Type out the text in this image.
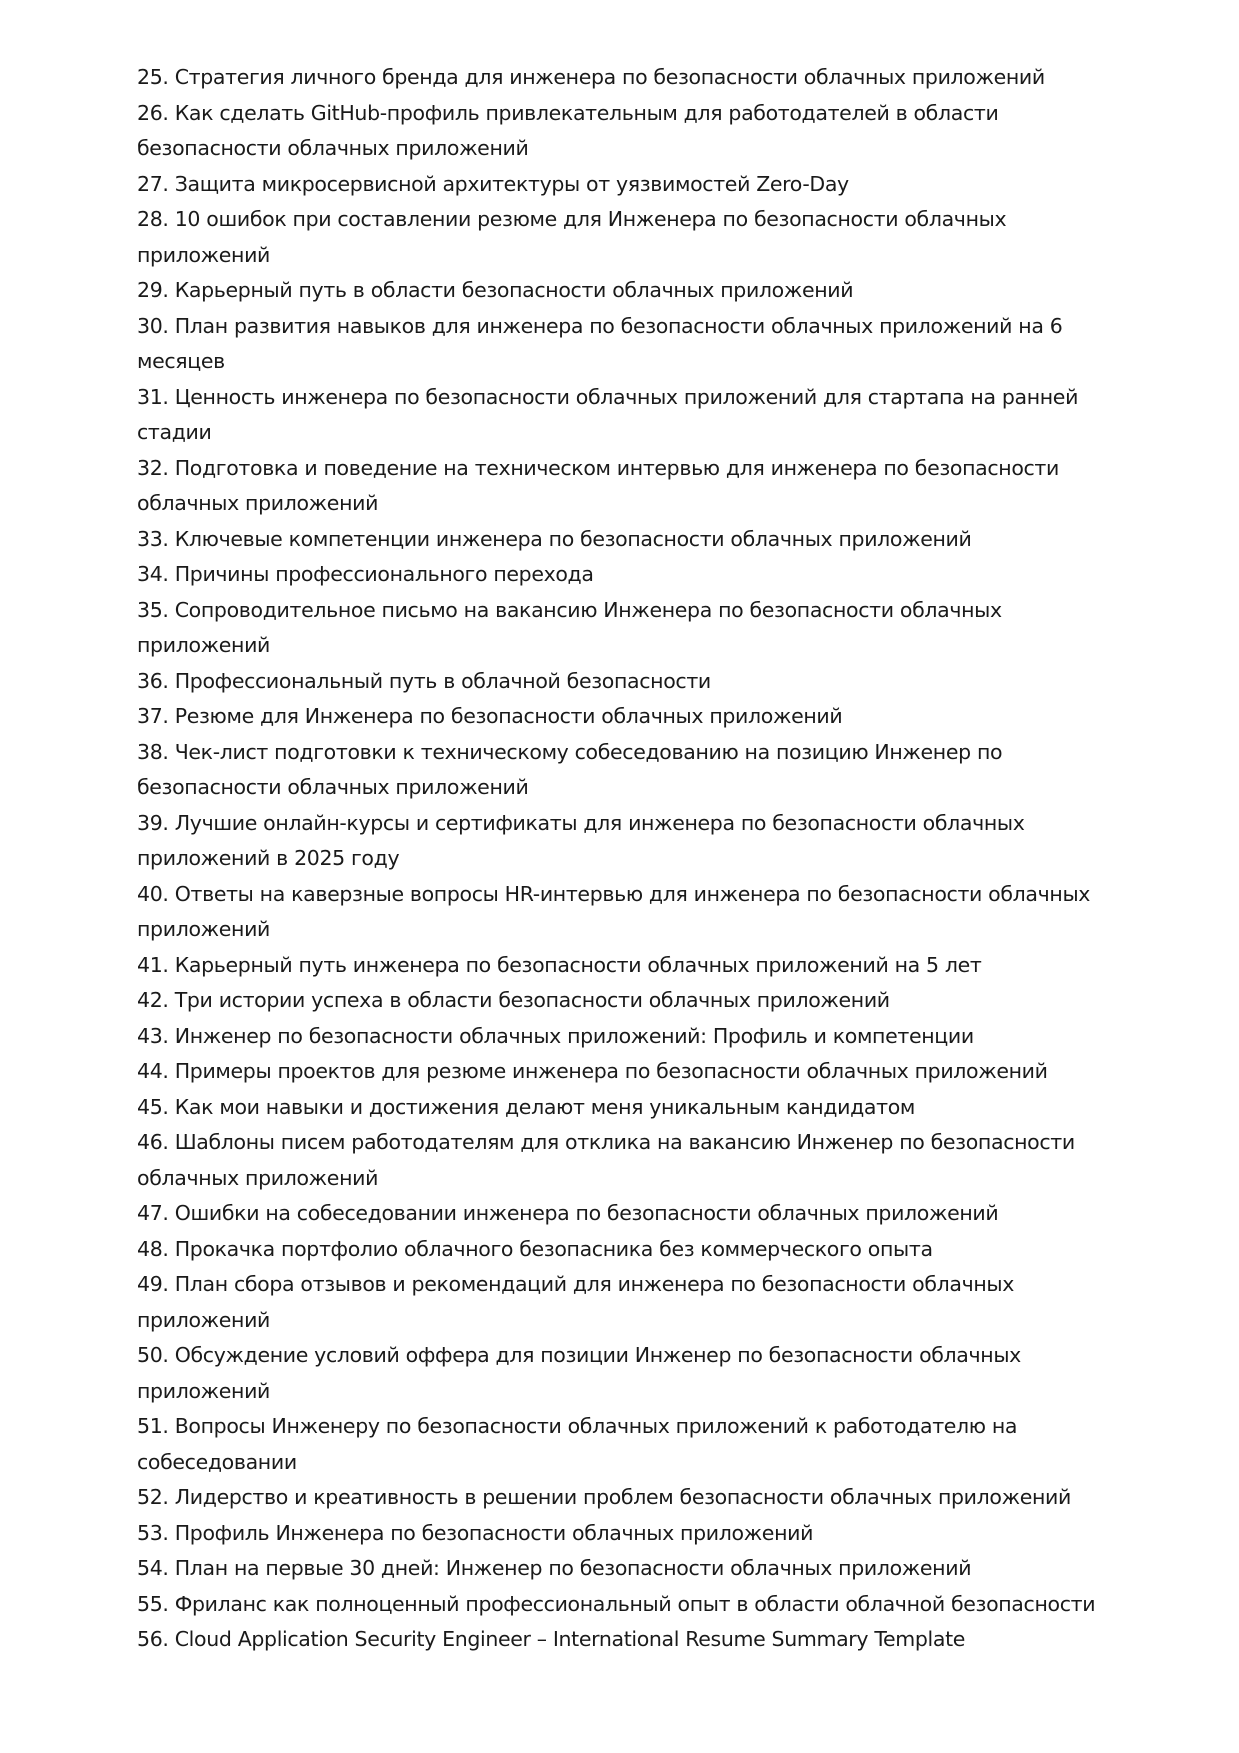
25. Стратегия личного бренда для инженера по безопасности облачных приложений
26. Как сделать GitHub-профиль привлекательным для работодателей в области безопасности облачных приложений
27. Защита микросервисной архитектуры от уязвимостей Zero-Day
28. 10 ошибок при составлении резюме для Инженера по безопасности облачных приложений
29. Карьерный путь в области безопасности облачных приложений
30. План развития навыков для инженера по безопасности облачных приложений на 6 месяцев
31. Ценность инженера по безопасности облачных приложений для стартапа на ранней стадии
32. Подготовка и поведение на техническом интервью для инженера по безопасности облачных приложений
33. Ключевые компетенции инженера по безопасности облачных приложений
34. Причины профессионального перехода
35. Сопроводительное письмо на вакансию Инженера по безопасности облачных приложений
36. Профессиональный путь в облачной безопасности
37. Резюме для Инженера по безопасности облачных приложений
38. Чек-лист подготовки к техническому собеседованию на позицию Инженер по безопасности облачных приложений
39. Лучшие онлайн-курсы и сертификаты для инженера по безопасности облачных приложений в 2025 году
40. Ответы на каверзные вопросы HR-интервью для инженера по безопасности облачных приложений
41. Карьерный путь инженера по безопасности облачных приложений на 5 лет
42. Три истории успеха в области безопасности облачных приложений
43. Инженер по безопасности облачных приложений: Профиль и компетенции
44. Примеры проектов для резюме инженера по безопасности облачных приложений
45. Как мои навыки и достижения делают меня уникальным кандидатом
46. Шаблоны писем работодателям для отклика на вакансию Инженер по безопасности облачных приложений
47. Ошибки на собеседовании инженера по безопасности облачных приложений
48. Прокачка портфолио облачного безопасника без коммерческого опыта
49. План сбора отзывов и рекомендаций для инженера по безопасности облачных приложений
50. Обсуждение условий оффера для позиции Инженер по безопасности облачных приложений
51. Вопросы Инженеру по безопасности облачных приложений к работодателю на собеседовании
52. Лидерство и креативность в решении проблем безопасности облачных приложений
53. Профиль Инженера по безопасности облачных приложений
54. План на первые 30 дней: Инженер по безопасности облачных приложений
55. Фриланс как полноценный профессиональный опыт в области облачной безопасности
56. Cloud Application Security Engineer – International Resume Summary Template
